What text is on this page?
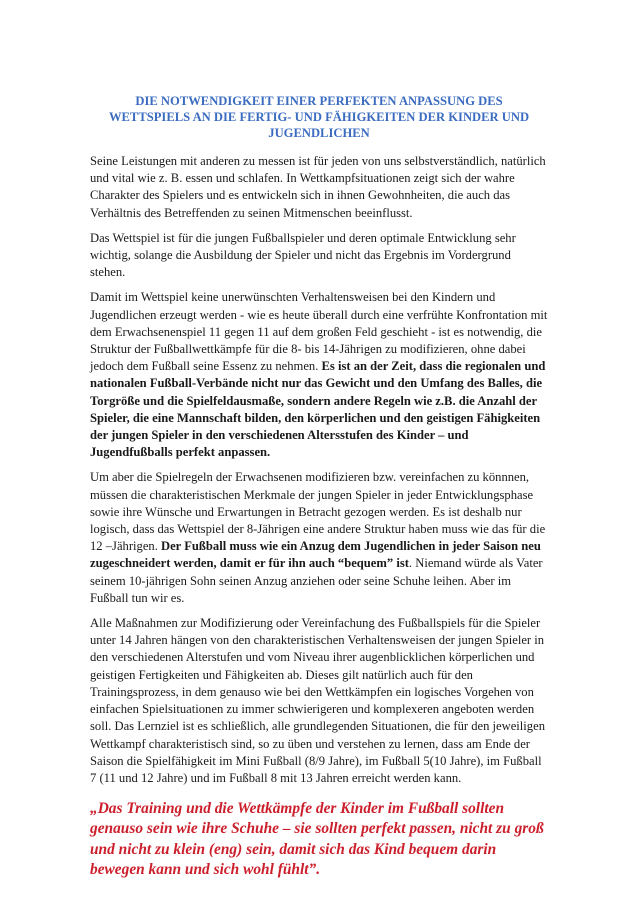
DIE NOTWENDIGKEIT EINER PERFEKTEN ANPASSUNG DES
WETTSPIELS AN DIE FERTIG- UND FÄHIGKEITEN DER KINDER UND
JUGENDLICHEN

Seine Leistungen mit anderen zu messen ist für jeden von uns selbstverständlich, natürlich und vital wie z. B. essen und schlafen. In Wettkampfsituationen zeigt sich der wahre Charakter des Spielers und es entwickeln sich in ihnen Gewohnheiten, die auch das Verhältnis des Betreffenden zu seinen Mitmenschen beeinflusst.

Das Wettspiel ist für die jungen Fußballspieler und deren optimale Entwicklung sehr wichtig, solange die Ausbildung der Spieler und nicht das Ergebnis im Vordergrund stehen.

Damit im Wettspiel keine unerwünschten Verhaltensweisen bei den Kindern und Jugendlichen erzeugt werden - wie es heute überall durch eine verfrühte Konfrontation mit dem Erwachsenenspiel 11 gegen 11 auf dem großen Feld geschieht - ist es notwendig, die Struktur der Fußballwettkämpfe für die 8- bis 14-Jährigen zu modifizieren, ohne dabei jedoch dem Fußball seine Essenz zu nehmen. Es ist an der Zeit, dass die regionalen und nationalen Fußball-Verbände nicht nur das Gewicht und den Umfang des Balles, die Torgröße und die Spielfeldausmaße, sondern andere Regeln wie z.B. die Anzahl der Spieler, die eine Mannschaft bilden, den körperlichen und den geistigen Fähigkeiten der jungen Spieler in den verschiedenen Altersstufen des Kinder – und Jugendfußballs perfekt anpassen.

Um aber die Spielregeln der Erwachsenen modifizieren bzw. vereinfachen zu könnnen, müssen die charakteristischen Merkmale der jungen Spieler in jeder Entwicklungsphase sowie ihre Wünsche und Erwartungen in Betracht gezogen werden. Es ist deshalb nur logisch, dass das Wettspiel der 8-Jährigen eine andere Struktur haben muss wie das für die 12 –Jährigen. Der Fußball muss wie ein Anzug dem Jugendlichen in jeder Saison neu zugeschneidert werden, damit er für ihn auch “bequem” ist. Niemand würde als Vater seinem 10-jährigen Sohn seinen Anzug anziehen oder seine Schuhe leihen. Aber im Fußball tun wir es.

Alle Maßnahmen zur Modifizierung oder Vereinfachung des Fußballspiels für die Spieler unter 14 Jahren hängen von den charakteristischen Verhaltensweisen der jungen Spieler in den verschiedenen Alterstufen und vom Niveau ihrer augenblicklichen körperlichen und geistigen Fertigkeiten und Fähigkeiten ab. Dieses gilt natürlich auch für den Trainingsprozess, in dem genauso wie bei den Wettkämpfen ein logisches Vorgehen von einfachen Spielsituationen zu immer schwierigeren und komplexeren angeboten werden soll. Das Lernziel ist es schließlich, alle grundlegenden Situationen, die für den jeweiligen Wettkampf charakteristisch sind, so zu üben und verstehen zu lernen, dass am Ende der Saison die Spielfähigkeit im Mini Fußball (8/9 Jahre), im Fußball 5(10 Jahre), im Fußball 7 (11 und 12 Jahre) und im Fußball 8 mit 13 Jahren erreicht werden kann.

„Das Training und die Wettkämpfe der Kinder im Fußball sollten genauso sein wie ihre Schuhe – sie sollten perfekt passen, nicht zu groß und nicht zu klein (eng) sein, damit sich das Kind bequem darin bewegen kann und sich wohl fühlt”.
